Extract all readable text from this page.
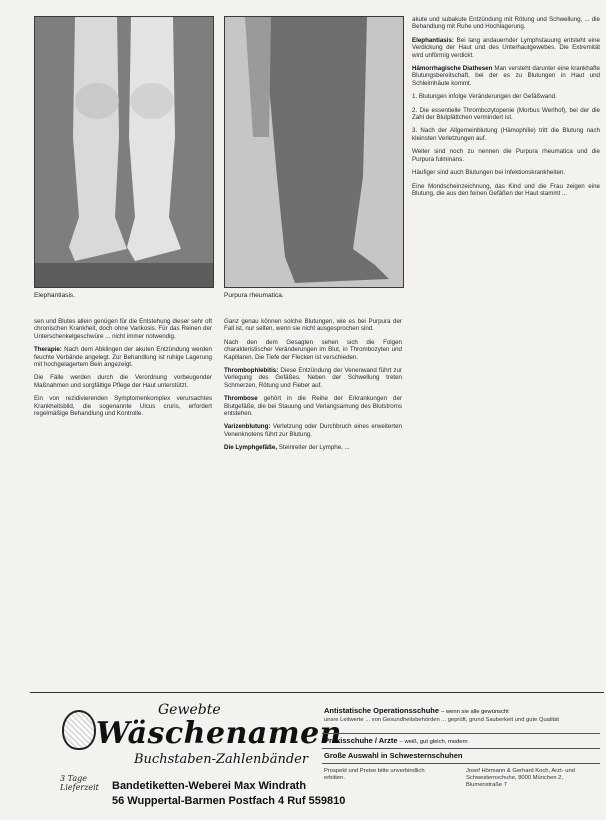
Elephantiasis.	Purpura rheumatica.

sen und Blutes allein genügen für die Entstehung dieser sehr oft chronischen Krankheit, doch ohne Varikosis. Für das Reinen der Unterschenkelgeschwüre ... nicht immer notwendig.

Therapie: Nach dem Abklingen der akuten Entzündung werden feuchte Verbände angelegt. Zur Behandlung ist ruhige Lagerung mit hochgelagertem Bein angezeigt.

Die Fälle werden durch die Verordnung vorbeugender Maßnahmen und sorgfältige Pflege der Haut unterstützt.

Ein von rezidivierenden Symptomenkomplex verursachtes Krankheitsbild, die sogenannte Ulcus cruris, erfordert regelmäßige Behandlung und Kontrolle.

Ganz genau können solche Blutungen, wie es bei Purpura der Fall ist, nur selten, wenn sie nicht ausgesprochen sind.

Nach den dem Gesagten sehen sich die Folgen charakteristischer Veränderungen im Blut, in Thrombozyten und Kapillaren. Die Tiefe der Flecken ist verschieden.

Thrombophlebitis: Diese Entzündung der Venenwand führt zur Verlegung des Gefäßes. Neben der Schwellung treten Schmerzen, Rötung und Fieber auf.

Thrombose gehört in die Reihe der Erkrankungen der Blutgefäße, die bei Stauung und Verlangsamung des Blutstroms entstehen.

Varizenblutung: Verletzung oder Durchbruch eines erweiterten Venenknotens führt zur Blutung.

Die Lymphgefäße, Steinreiter der Lymphe, ...

akute und subakute Entzündung mit Rötung und Schwellung, ... die Behandlung mit Ruhe und Hochlagerung.

Elephantiasis: Bei lang andauernder Lymphstauung entsteht eine Verdickung der Haut und des Unterhautgewebes. Die Extremität wird unförmig verdickt.

Hämorrhagische Diathesen Man versteht darunter eine krankhafte Blutungsbereitschaft, bei der es zu Blutungen in Haut und Schleimhäute kommt.

1. Blutungen infolge Veränderungen der Gefäßwand.

2. Die essentielle Thrombozytopenie (Morbus Werlhof), bei der die Zahl der Blutplättchen vermindert ist.

3. Nach der Allgemeinblutung (Hämophilie) tritt die Blutung nach kleinsten Verletzungen auf.

Weiter sind noch zu nennen die Purpura rheumatica und die Purpura fulminans.

Häufiger sind auch Blutungen bei Infektionskrankheiten.

Eine Mondscheinzeichnung, das Kind und die Frau zeigen eine Blutung, die aus den feinen Gefäßen der Haut stammt ...

Gewebte
Wäschenamen
Buchstaben-Zahlenbänder
3 Tage Lieferzeit	Bandetiketten-Weberei Max Windrath
56 Wuppertal-Barmen Postfach 4 Ruf 559810
Antistatische Operationsschuhe – wenn sie alle gewünscht
unsre Leitwerte ... von Gesundheitsbehörden ... geprüft, grund Sauberkeit und gute Qualität
Praxisschuhe / Arzte – weiß, gut gleich, modern
Große Auswahl in Schwesternschuhen
Prospekt und Preise bitte unverbindlich erbitten.
Josef Hörmann & Gerhard Koch, Arzt- und Schwesternschuhe, 8000 München 2, Blumenstraße 7
